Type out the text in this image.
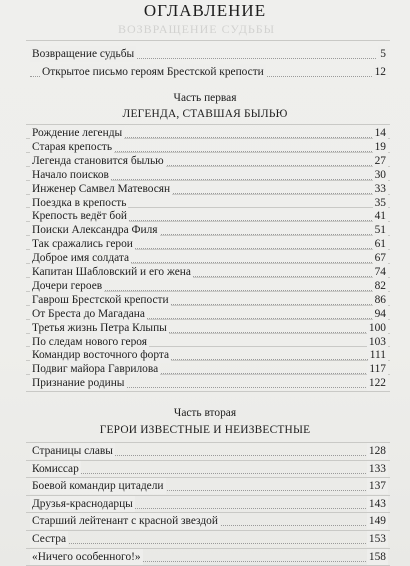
ВОЗВРАЩЕНИЕ СУДЬБЫ
ОГЛАВЛЕНИЕ
Возвращение судьбы	5
Открытое письмо героям Брестской крепости	12
Часть первая
ЛЕГЕНДА, СТАВШАЯ БЫЛЬЮ
Рождение легенды	14
Старая крепость	19
Легенда становится былью	27
Начало поисков	30
Инженер Самвел Матевосян	33
Поездка в крепость	35
Крепость ведёт бой	41
Поиски Александра Филя	51
Так сражались герои	61
Доброе имя солдата	67
Капитан Шабловский и его жена	74
Дочери героев	82
Гаврош Брестской крепости	86
От Бреста до Магадана	94
Третья жизнь Петра Клыпы	100
По следам нового героя	103
Командир восточного форта	111
Подвиг майора Гаврилова	117
Признание родины	122
Часть вторая
ГЕРОИ ИЗВЕСТНЫЕ И НЕИЗВЕСТНЫЕ
Страницы славы	128
Комиссар	133
Боевой командир цитадели	137
Друзья-краснодарцы	143
Старший лейтенант с красной звездой	149
Сестра	153
«Ничего особенного!»	158
